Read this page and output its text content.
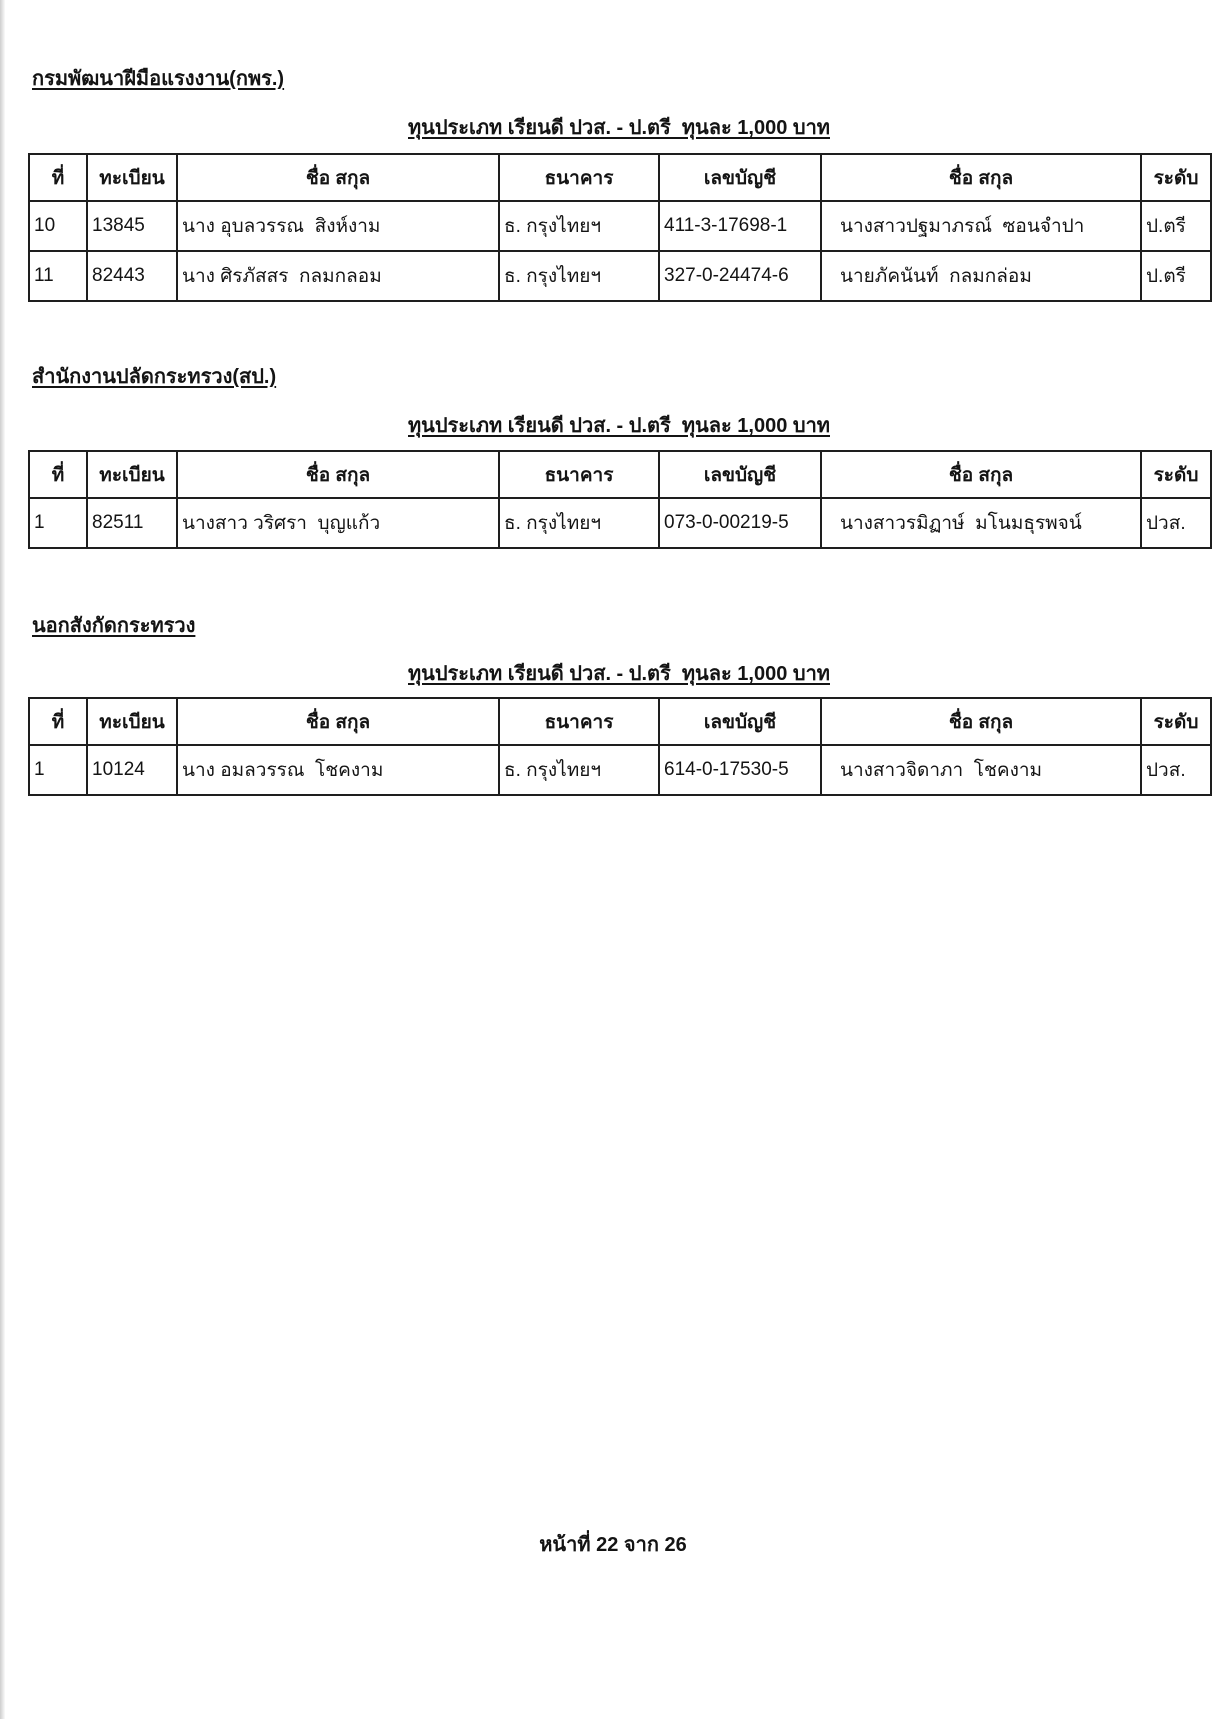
กรมพัฒนาฝีมือแรงงาน(กพร.)
ทุนประเภท เรียนดี ปวส. - ป.ตรี  ทุนละ 1,000 บาท
ที่	ทะเบียน	ชื่อ สกุล	ธนาคาร	เลขบัญชี	ชื่อ สกุล	ระดับ
10	13845	นาง อุบลวรรณ  สิงห์งาม	ธ. กรุงไทยฯ	411-3-17698-1	นางสาวปฐมาภรณ์  ซอนจำปา	ป.ตรี
11	82443	นาง ศิรภัสสร  กลมกลอม	ธ. กรุงไทยฯ	327-0-24474-6	นายภัคนันท์  กลมกล่อม	ป.ตรี
สำนักงานปลัดกระทรวง(สป.)
ทุนประเภท เรียนดี ปวส. - ป.ตรี  ทุนละ 1,000 บาท
ที่	ทะเบียน	ชื่อ สกุล	ธนาคาร	เลขบัญชี	ชื่อ สกุล	ระดับ
1	82511	นางสาว วริศรา  บุญแก้ว	ธ. กรุงไทยฯ	073-0-00219-5	นางสาวรมิฏาษ์  มโนมธุรพจน์	ปวส.
นอกสังกัดกระทรวง
ทุนประเภท เรียนดี ปวส. - ป.ตรี  ทุนละ 1,000 บาท
ที่	ทะเบียน	ชื่อ สกุล	ธนาคาร	เลขบัญชี	ชื่อ สกุล	ระดับ
1	10124	นาง อมลวรรณ  โชคงาม	ธ. กรุงไทยฯ	614-0-17530-5	นางสาวจิดาภา  โชคงาม	ปวส.
หน้าที่ 22 จาก 26
